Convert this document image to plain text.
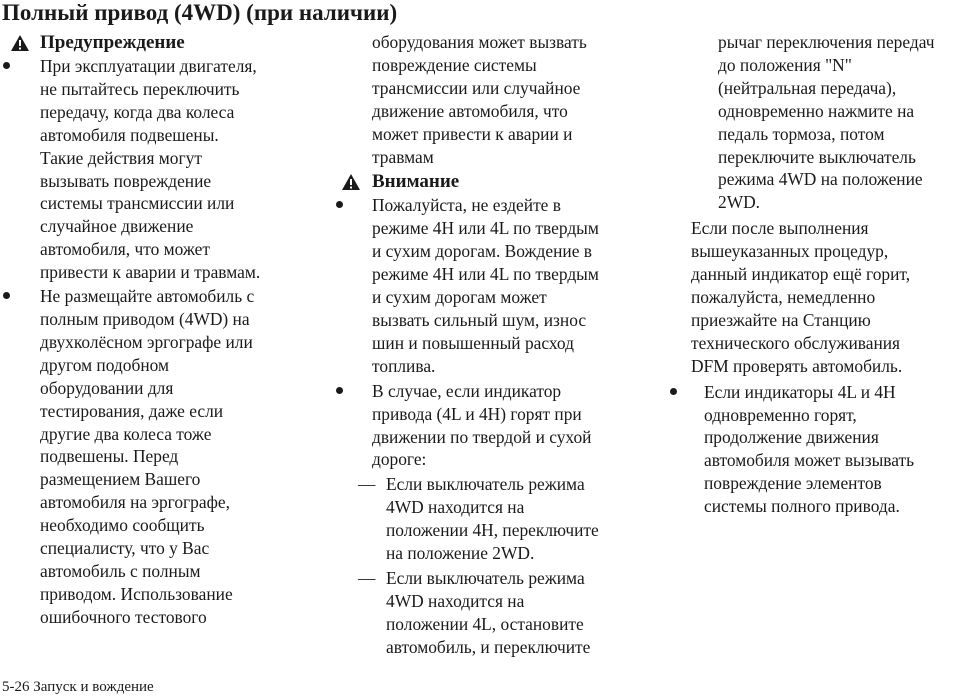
Полный привод (4WD) (при наличии)
Предупреждение

При эксплуатации двигателя,
не пытайтесь переключить
передачу, когда два колеса
автомобиля подвешены.
Такие действия могут
вызывать повреждение
системы трансмиссии или
случайное движение
автомобиля, что может
привести к аварии и травмам.

Не размещайте автомобиль с
полным приводом (4WD) на
двухколёсном эргографе или
другом подобном
оборудовании для
тестирования, даже если
другие два колеса тоже
подвешены. Перед
размещением Вашего
автомобиля на эргографе,
необходимо сообщить
специалисту, что у Вас
автомобиль с полным
приводом. Использование
ошибочного тестового

оборудования может вызвать
повреждение системы
трансмиссии или случайное
движение автомобиля, что
может привести к аварии и
травмам

Внимание

Пожалуйста, не ездейте в
режиме 4H или 4L по твердым
и сухим дорогам. Вождение в
режиме 4H или 4L по твердым
и сухим дорогам может
вызвать сильный шум, износ
шин и повышенный расход
топлива.

В случае, если индикатор
привода (4L и 4H) горят при
движении по твердой и сухой
дороге:

— Если выключатель режима
4WD находится на
положении 4H, переключите
на положение 2WD.

— Если выключатель режима
4WD находится на
положении 4L, остановите
автомобиль, и переключите

рычаг переключения передач
до положения "N"
(нейтральная передача),
одновременно нажмите на
педаль тормоза, потом
переключите выключатель
режима 4WD на положение
2WD.

Если после выполнения
вышеуказанных процедур,
данный индикатор ещё горит,
пожалуйста, немедленно
приезжайте на Станцию
технического обслуживания
DFM проверять автомобиль.

Если индикаторы 4L и 4H
одновременно горят,
продолжение движения
автомобиля может вызывать
повреждение элементов
системы полного привода.

5-26 Запуск и вождение
